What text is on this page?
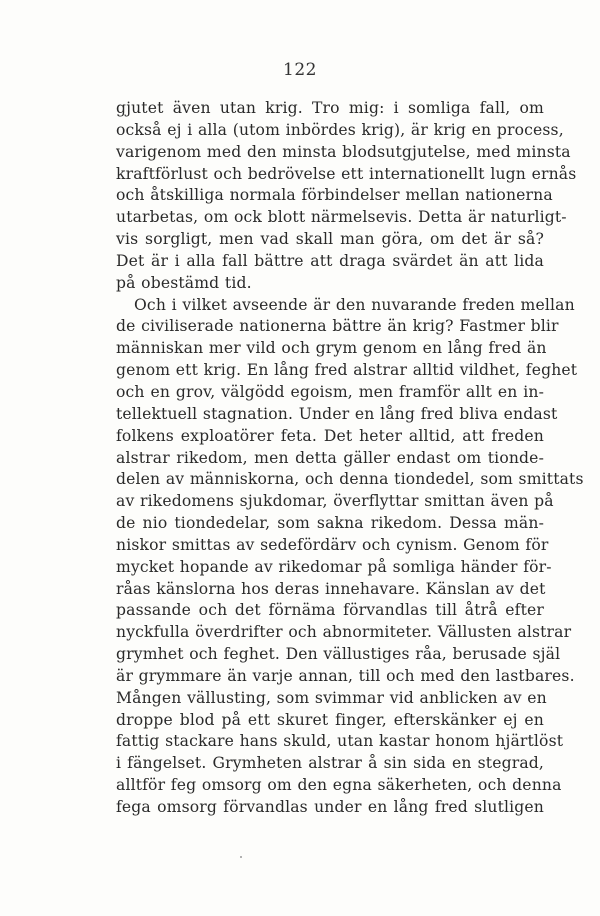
122
gjutet även utan krig. Tro mig: i somliga fall, om
också ej i alla (utom inbördes krig), är krig en process,
varigenom med den minsta blodsutgjutelse, med minsta
kraftförlust och bedrövelse ett internationellt lugn ernås
och åtskilliga normala förbindelser mellan nationerna
utarbetas, om ock blott närmelsevis. Detta är naturligt-
vis sorgligt, men vad skall man göra, om det är så?
Det är i alla fall bättre att draga svärdet än att lida
på obestämd tid.
Och i vilket avseende är den nuvarande freden mellan
de civiliserade nationerna bättre än krig? Fastmer blir
människan mer vild och grym genom en lång fred än
genom ett krig. En lång fred alstrar alltid vildhet, feghet
och en grov, välgödd egoism, men framför allt en in-
tellektuell stagnation. Under en lång fred bliva endast
folkens exploatörer feta. Det heter alltid, att freden
alstrar rikedom, men detta gäller endast om tionde-
delen av människorna, och denna tiondedel, som smittats
av rikedomens sjukdomar, överflyttar smittan även på
de nio tiondedelar, som sakna rikedom. Dessa män-
niskor smittas av sedefördärv och cynism. Genom för
mycket hopande av rikedomar på somliga händer för-
råas känslorna hos deras innehavare. Känslan av det
passande och det förnäma förvandlas till åtrå efter
nyckfulla överdrifter och abnormiteter. Vällusten alstrar
grymhet och feghet. Den vällustiges råa, berusade själ
är grymmare än varje annan, till och med den lastbares.
Mången vällusting, som svimmar vid anblicken av en
droppe blod på ett skuret finger, efterskänker ej en
fattig stackare hans skuld, utan kastar honom hjärtlöst
i fängelset. Grymheten alstrar å sin sida en stegrad,
alltför feg omsorg om den egna säkerheten, och denna
fega omsorg förvandlas under en lång fred slutligen
